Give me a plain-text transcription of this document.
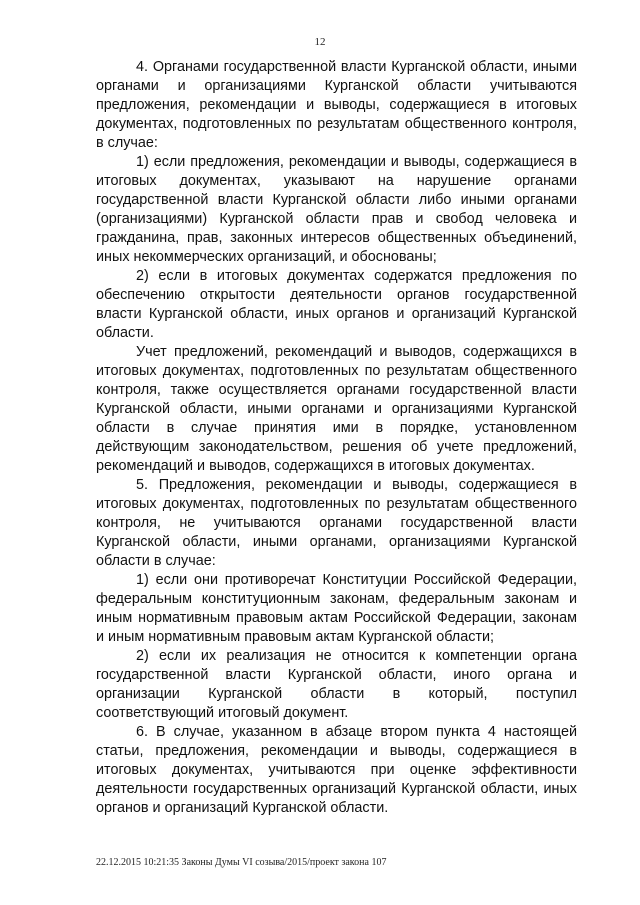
12

4. Органами государственной власти Курганской области, иными органами и организациями Курганской области учитываются предложения, рекомендации и выводы, содержащиеся в итоговых документах, подготовленных по результатам общественного контроля, в случае:

1) если предложения, рекомендации и выводы, содержащиеся в итоговых документах, указывают на нарушение органами государственной власти Курганской области либо иными органами (организациями) Курганской области прав и свобод человека и гражданина, прав, законных интересов общественных объединений, иных некоммерческих организаций, и обоснованы;

2) если в итоговых документах содержатся предложения по обеспечению открытости деятельности органов государственной власти Курганской области, иных органов и организаций Курганской области.

Учет предложений, рекомендаций и выводов, содержащихся в итоговых документах, подготовленных по результатам общественного контроля, также осуществляется органами государственной власти Курганской области, иными органами и организациями Курганской области в случае принятия ими в порядке, установленном действующим законодательством, решения об учете предложений, рекомендаций и выводов, содержащихся в итоговых документах.

5. Предложения, рекомендации и выводы, содержащиеся в итоговых документах, подготовленных по результатам общественного контроля, не учитываются органами государственной власти Курганской области, иными органами, организациями Курганской области в случае:

1) если они противоречат Конституции Российской Федерации, федеральным конституционным законам, федеральным законам и иным нормативным правовым актам Российской Федерации, законам и иным нормативным правовым актам Курганской области;

2) если их реализация не относится к компетенции органа государственной власти Курганской области, иного органа и организации Курганской области в который, поступил соответствующий итоговый документ.

6. В случае, указанном в абзаце втором пункта 4 настоящей статьи, предложения, рекомендации и выводы, содержащиеся в итоговых документах, учитываются при оценке эффективности деятельности государственных организаций Курганской области, иных органов и организаций Курганской области.

22.12.2015 10:21:35 Законы Думы VI созыва/2015/проект закона 107
